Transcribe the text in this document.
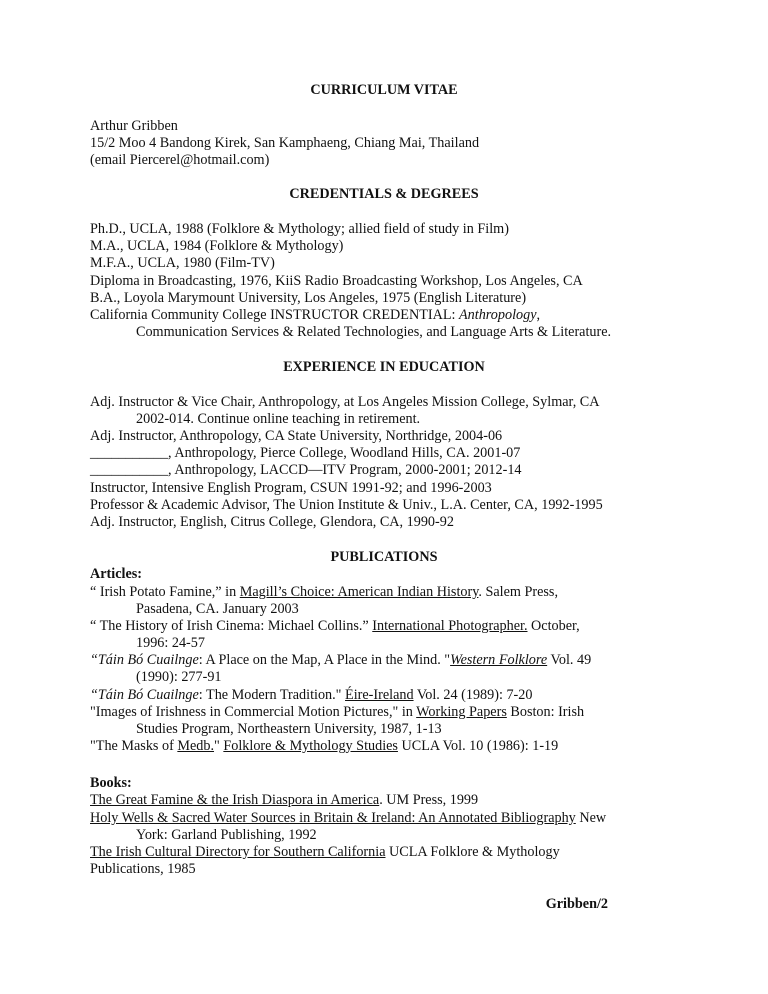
CURRICULUM VITAE
Arthur Gribben
15/2 Moo 4 Bandong Kirek, San Kamphaeng, Chiang Mai, Thailand
(email Piercerel@hotmail.com)
CREDENTIALS & DEGREES
Ph.D., UCLA, 1988 (Folklore & Mythology; allied field of study in Film)
M.A., UCLA, 1984 (Folklore & Mythology)
M.F.A., UCLA, 1980 (Film-TV)
Diploma in Broadcasting, 1976, KiiS Radio Broadcasting Workshop, Los Angeles, CA
B.A., Loyola Marymount University, Los Angeles, 1975 (English Literature)
California Community College INSTRUCTOR CREDENTIAL: Anthropology,
Communication Services & Related Technologies, and Language Arts & Literature.
EXPERIENCE IN EDUCATION
Adj. Instructor & Vice Chair, Anthropology, at Los Angeles Mission College, Sylmar, CA
2002-014. Continue online teaching in retirement.
Adj. Instructor, Anthropology, CA State University, Northridge, 2004-06
___________, Anthropology, Pierce College, Woodland Hills, CA. 2001-07
___________, Anthropology, LACCD—ITV Program, 2000-2001; 2012-14
Instructor, Intensive English Program, CSUN 1991-92; and 1996-2003
Professor & Academic Advisor, The Union Institute & Univ., L.A. Center, CA, 1992-1995
Adj. Instructor, English, Citrus College, Glendora, CA, 1990-92
PUBLICATIONS
Articles:
“ Irish Potato Famine,” in Magill’s Choice: American Indian History. Salem Press,
Pasadena, CA. January 2003
“ The History of Irish Cinema: Michael Collins.” International Photographer. October,
1996: 24-57
“Táin Bó Cuailnge: A Place on the Map, A Place in the Mind. "Western Folklore Vol. 49
(1990): 277-91
“Táin Bó Cuailnge: The Modern Tradition." Éire-Ireland Vol. 24 (1989): 7-20
"Images of Irishness in Commercial Motion Pictures," in Working Papers Boston: Irish
Studies Program, Northeastern University, 1987, 1-13
"The Masks of Medb." Folklore & Mythology Studies UCLA Vol. 10 (1986): 1-19
Books:
The Great Famine & the Irish Diaspora in America. UM Press, 1999
Holy Wells & Sacred Water Sources in Britain & Ireland: An Annotated Bibliography New
York: Garland Publishing, 1992
The Irish Cultural Directory for Southern California UCLA Folklore & Mythology
Publications, 1985
Gribben/2
